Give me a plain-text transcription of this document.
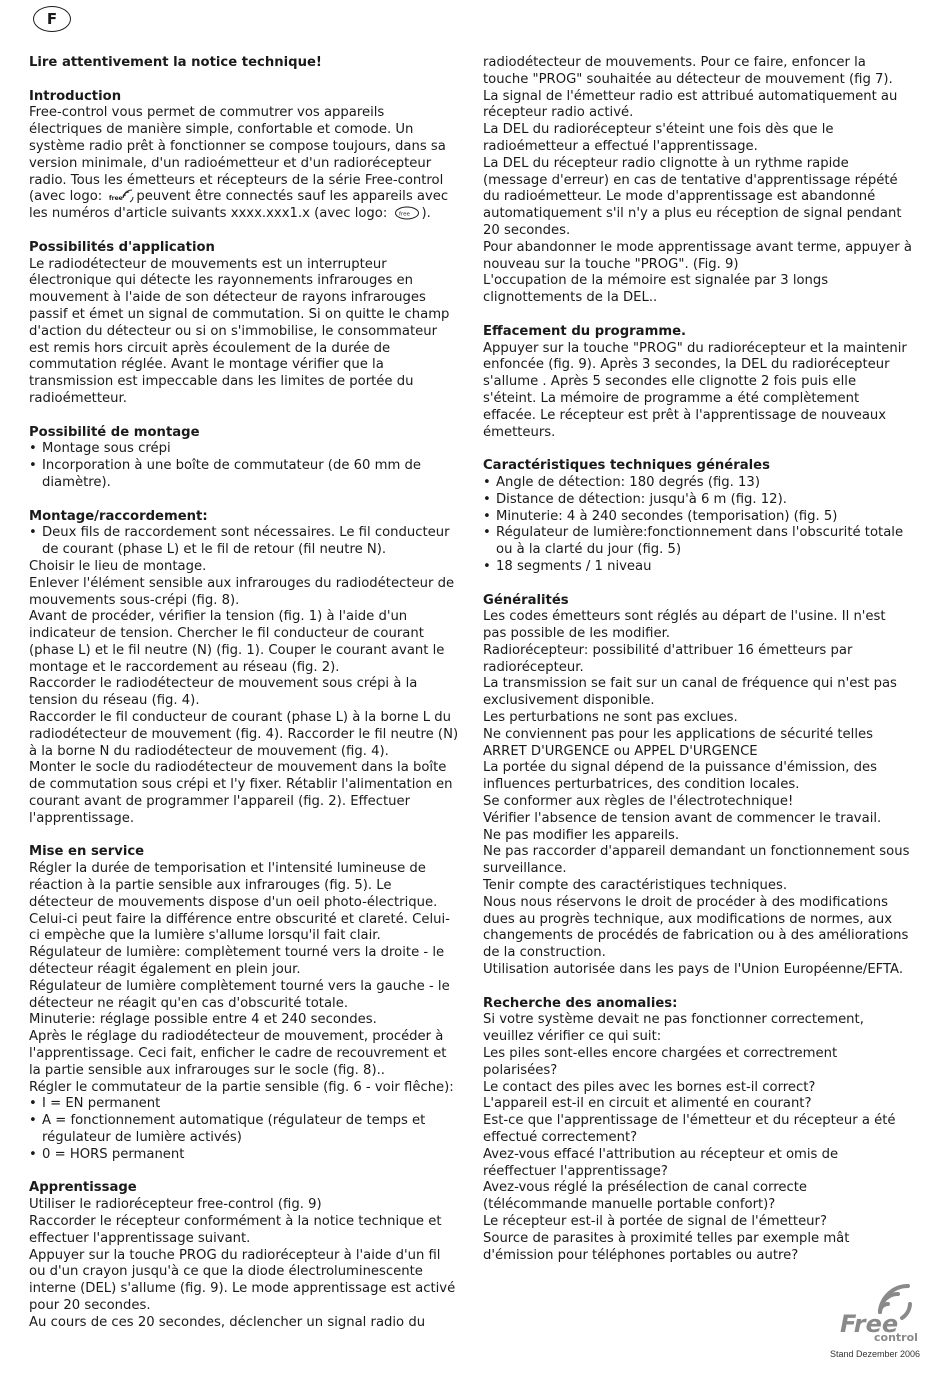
F

Lire attentivement la notice technique!

Introduction

Free-control vous permet de commutrer vos appareils électriques de manière simple, confortable et comode. Un système radio prêt à fonctionner se compose toujours, dans sa version minimale, d'un radioémetteur et d'un radiorécepteur radio. Tous les émetteurs et récepteurs de la série Free-control (avec logo: free peuvent être connectés sauf les appareils avec les numéros d'article suivants xxxx.xxx1.x (avec logo: free ).

Possibilités d'application

Le radiodétecteur de mouvements est un interrupteur électronique qui détecte les rayonnements infrarouges en mouvement à l'aide de son détecteur de rayons infrarouges passif et émet un signal de commutation. Si on quitte le champ d'action du détecteur ou si on s'immobilise, le consommateur est remis hors circuit après écoulement de la durée de commutation réglée. Avant le montage vérifier que la transmission est impeccable dans les limites de portée du radioémetteur.

Possibilité de montage

• Montage sous crépi

• Incorporation à une boîte de commutateur (de 60 mm de diamètre).

Montage/raccordement:

• Deux fils de raccordement sont nécessaires. Le fil conducteur de courant (phase L) et le fil de retour (fil neutre N).

Choisir le lieu de montage.

Enlever l'élément sensible aux infrarouges du radiodétecteur de mouvements sous-crépi (fig. 8).

Avant de procéder, vérifier la tension (fig. 1) à l'aide d'un indicateur de tension. Chercher le fil conducteur de courant (phase L) et le fil neutre (N) (fig. 1). Couper le courant avant le montage et le raccordement au réseau (fig. 2).

Raccorder le radiodétecteur de mouvement sous crépi à la tension du réseau (fig. 4).

Raccorder le fil conducteur de courant (phase L) à la borne L du radiodétecteur de mouvement (fig. 4). Raccorder le fil neutre (N) à la borne N du radiodétecteur de mouvement (fig. 4).

Monter le socle du radiodétecteur de mouvement dans la boîte de commutation sous crépi et l'y fixer. Rétablir l'alimentation en courant avant de programmer l'appareil (fig. 2). Effectuer l'apprentissage.

Mise en service

Régler la durée de temporisation et l'intensité lumineuse de réaction à la partie sensible aux infrarouges (fig. 5). Le détecteur de mouvements dispose d'un oeil photo-électrique. Celui-ci peut faire la différence entre obscurité et clareté. Celui-ci empèche que la lumière s'allume lorsqu'il fait clair.

Régulateur de lumière: complètement tourné vers la droite - le détecteur réagit également en plein jour.

Régulateur de lumière complètement tourné vers la gauche - le détecteur ne réagit qu'en cas d'obscurité totale.

Minuterie: réglage possible entre 4 et 240 secondes.

Après le réglage du radiodétecteur de mouvement, procéder à l'apprentissage. Ceci fait, enficher le cadre de recouvrement et la partie sensible aux infrarouges sur le socle (fig. 8)..

Régler le commutateur de la partie sensible (fig. 6 - voir flêche):

• I = EN permanent

• A = fonctionnement automatique (régulateur de temps et régulateur de lumière activés)

• 0 = HORS permanent

Apprentissage

Utiliser le radiorécepteur free-control (fig. 9)

Raccorder le récepteur conformément à la notice technique et effectuer l'apprentissage suivant.

Appuyer sur la touche PROG du radiorécepteur à l'aide d'un fil ou d'un crayon jusqu'à ce que la diode électroluminescente interne (DEL) s'allume (fig. 9). Le mode apprentissage est activé pour 20 secondes.

Au cours de ces 20 secondes, déclencher un signal radio du

radiodétecteur de mouvements. Pour ce faire, enfoncer la touche "PROG" souhaitée au détecteur de mouvement (fig 7).

La signal de l'émetteur radio est attribué automatiquement au récepteur radio activé.

La DEL du radiorécepteur s'éteint une fois dès que le radioémetteur a effectué l'apprentissage.

La DEL du récepteur radio clignotte à un rythme rapide (message d'erreur) en cas de tentative d'apprentissage répété du radioémetteur. Le mode d'apprentissage est abandonné automatiquement s'il n'y a plus eu réception de signal pendant 20 secondes.

Pour abandonner le mode apprentissage avant terme, appuyer à nouveau sur la touche "PROG". (Fig. 9)

L'occupation de la mémoire est signalée par 3 longs clignottements de la DEL..

Effacement du programme.

Appuyer sur la touche "PROG" du radiorécepteur et la maintenir enfoncée (fig. 9). Après 3 secondes, la DEL du radiorécepteur s'allume . Après 5 secondes elle clignotte 2 fois puis elle s'éteint. La mémoire de programme a été complètement effacée. Le récepteur est prêt à l'apprentissage de nouveaux émetteurs.

Caractéristiques techniques générales

• Angle de détection: 180 degrés (fig. 13)

• Distance de détection: jusqu'à 6 m (fig. 12).

• Minuterie: 4 à 240 secondes (temporisation) (fig. 5)

• Régulateur de lumière:fonctionnement dans l'obscurité totale ou à la clarté du jour (fig. 5)

• 18 segments / 1 niveau

Généralités

Les codes émetteurs sont réglés au départ de l'usine. Il n'est pas possible de les modifier.

Radiorécepteur: possibilité d'attribuer 16 émetteurs par radiorécepteur.

La transmission se fait sur un canal de fréquence qui n'est pas exclusivement disponible.

Les perturbations ne sont pas exclues.

Ne conviennent pas pour les applications de sécurité telles ARRET D'URGENCE ou APPEL D'URGENCE

La portée du signal dépend de la puissance d'émission, des influences perturbatrices, des condition locales.

Se conformer aux règles de l'électrotechnique!

Vérifier l'absence de tension avant de commencer le travail.

Ne pas modifier les appareils.

Ne pas raccorder d'appareil demandant un fonctionnement sous surveillance.

Tenir compte des caractéristiques techniques.

Nous nous réservons le droit de procéder à des modifications dues au progrès technique, aux modifications de normes, aux changements de procédés de fabrication ou à des améliorations de la construction.

Utilisation autorisée dans les pays de l'Union Européenne/EFTA.

Recherche des anomalies:

Si votre système devait ne pas fonctionner correctement, veuillez vérifier ce qui suit:

Les piles sont-elles encore chargées et correctrement polarisées?

Le contact des piles avec les bornes est-il correct?

L'appareil est-il en circuit et alimenté en courant?

Est-ce que l'apprentissage de l'émetteur et du récepteur a été effectué correctement?

Avez-vous effacé l'attribution au récepteur et omis de réeffectuer l'apprentissage?

Avez-vous réglé la présélection de canal correcte (télécommande manuelle portable confort)?

Le récepteur est-il à portée de signal de l'émetteur?

Source de parasites à proximité telles par exemple mât d'émission pour téléphones portables ou autre?

Free
control
Stand Dezember 2006
